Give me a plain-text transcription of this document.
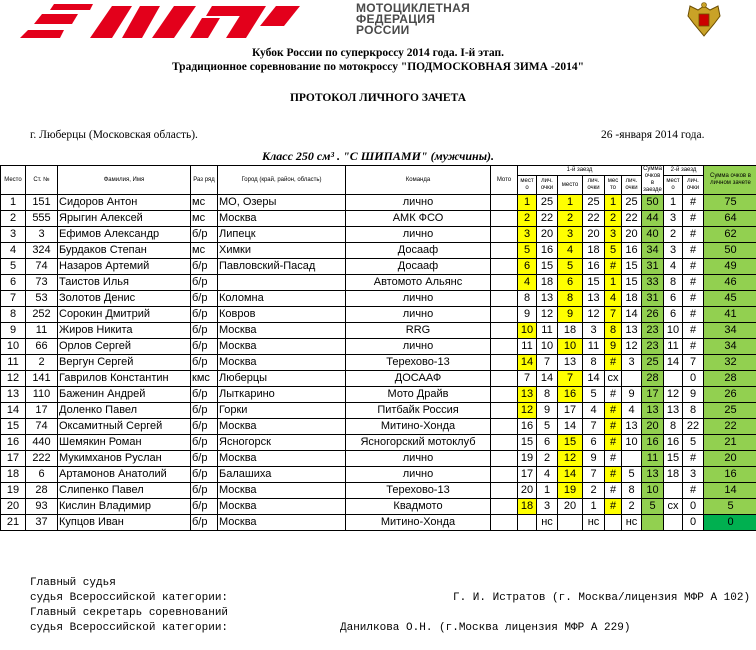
МОТОЦИКЛЕТНАЯ
ФЕДЕРАЦИЯ
РОССИИ
Кубок России по суперкроссу 2014 года. I-й этап.
Традиционное соревнование по мотокроссу "ПОДМОСКОВНАЯ ЗИМА -2014"
ПРОТОКОЛ ЛИЧНОГО ЗАЧЕТА
г. Люберцы (Московская область).	26 -января 2014 года.
Класс 250 см³ . "С ШИПАМИ" (мужчины).
Место	Ст. №	Фамилия, Имя	Раз ряд	Город (край, район, область)	Команда	Мото	1-й заезд						Сумма очков в заезде	2-й заезд		Сумма очков в личном зачете
							мест о	лич. очки	место	лич. очки	мес то	лич. очки		мест о	лич. очки	
1	151	Сидоров Антон	мс	МО, Озеры	лично		1	25	1	25	1	25	50	1	#	75
2	555	Ярыгин Алексей	мс	Москва	АМК ФСО		2	22	2	22	2	22	44	3	#	64
3	3	Ефимов Александр	б/р	Липецк	лично		3	20	3	20	3	20	40	2	#	62
4	324	Бурдаков Степан	мс	Химки	Досааф		5	16	4	18	5	16	34	3	#	50
5	74	Назаров Артемий	б/р	Павловский-Пасад	Досааф		6	15	5	16	#	15	31	4	#	49
6	73	Таистов Илья	б/р		Автомото Альянс		4	18	6	15	1	15	33	8	#	46
7	53	Золотов Денис	б/р	Коломна	лично		8	13	8	13	4	18	31	6	#	45
8	252	Сорокин Дмитрий	б/р	Ковров	лично		9	12	9	12	7	14	26	6	#	41
9	11	Жиров Никита	б/р	Москва	RRG		10	11	18	3	8	13	23	10	#	34
10	66	Орлов Сергей	б/р	Москва	лично		11	10	10	11	9	12	23	11	#	34
11	2	Вергун Сергей	б/р	Москва	Терехово-13		14	7	13	8	#	3	25	14	7	32
12	141	Гаврилов Константин	кмс	Люберцы	ДОСААФ		7	14	7	14	сх		28		0	28
13	110	Баженин Андрей	б/р	Лыткарино	Мото Драйв		13	8	16	5	#	9	17	12	9	26
14	17	Доленко Павел	б/р	Горки	Питбайк Россия		12	9	17	4	#	4	13	13	8	25
15	74	Оксамитный Сергей	б/р	Москва	Митино-Хонда		16	5	14	7	#	13	20	8	22	22
16	440	Шемякин Роман	б/р	Ясногорск	Ясногорский мотоклуб		15	6	15	6	#	10	16	16	5	21
17	222	Мукимханов Руслан	б/р	Москва	лично		19	2	12	9	#		11	15	#	20
18	6	Артамонов Анатолий	б/р	Балашиха	лично		17	4	14	7	#	5	13	18	3	16
19	28	Слипенко Павел	б/р	Москва	Терехово-13		20	1	19	2	#	8	10		#	14
20	93	Кислин Владимир	б/р	Москва	Квадмото		18	3	20	1	#	2	5	сх	0	5
21	37	Купцов Иван	б/р	Москва	Митино-Хонда			нс		нс		нс			0	0
Главный судья
судья Всероссийской категории:	Г. И. Истратов (г. Москва/лицензия МФР А 102)
Главный секретарь соревнований
судья Всероссийской категории:	Данилкова О.Н. (г.Москва лицензия МФР А 229)
